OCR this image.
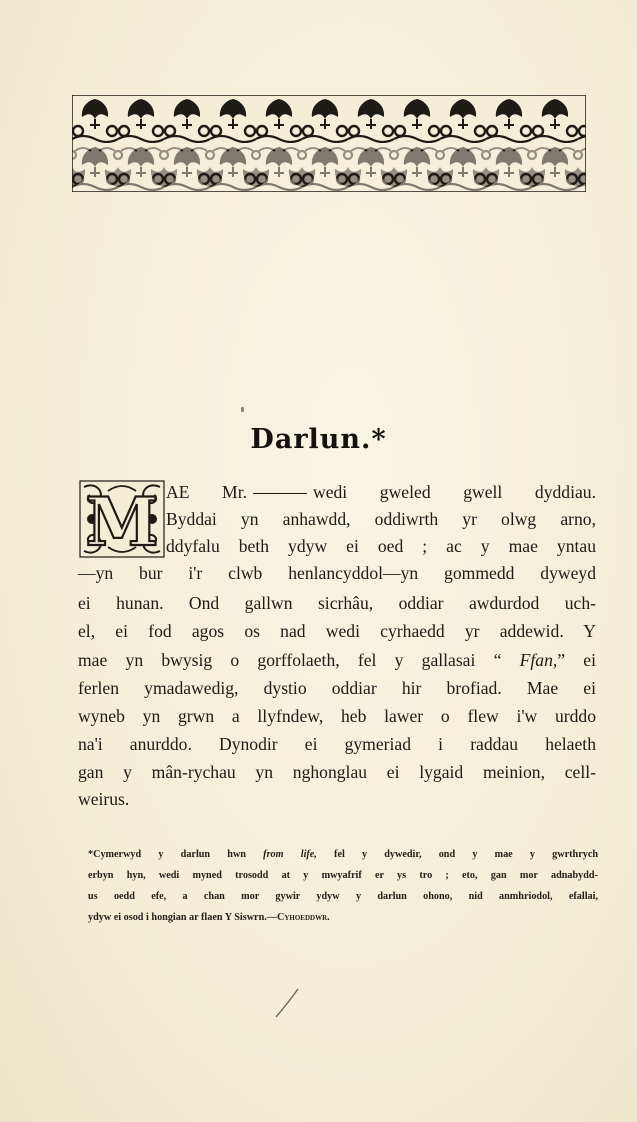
Darlun.*
M AE Mr.	wedi gweled gwell dyddiau.
Byddai yn anhawdd, oddiwrth yr olwg arno,
ddyfalu beth ydyw ei oed ; ac y mae yntau
—yn bur i'r clwb henlancyddol—yn gommedd dyweyd
ei hunan. Ond gallwn sicrhâu, oddiar awdurdod uch-
el, ei fod agos os nad wedi cyrhaedd yr addewid. Y
mae yn bwysig o gorffolaeth, fel y gallasai “ Ffan,” ei
ferlen ymadawedig, dystio oddiar hir brofiad. Mae ei
wyneb yn grwn a llyfndew, heb lawer o flew i'w urddo
na'i anurddo. Dynodir ei gymeriad i raddau helaeth
gan y mân-rychau yn nghonglau ei lygaid meinion, cell-
weirus.
*Cymerwyd y darlun hwn from life, fel y dywedir, ond y mae y gwrthrych
erbyn hyn, wedi myned trosodd at y mwyafrif er ys tro ; eto, gan mor adnabydd-
us oedd efe, a chan mor gywir ydyw y darlun ohono, nid anmhriodol, efallai,
ydyw ei osod i hongian ar flaen Y Siswrn.—Cyhoeddwr.
